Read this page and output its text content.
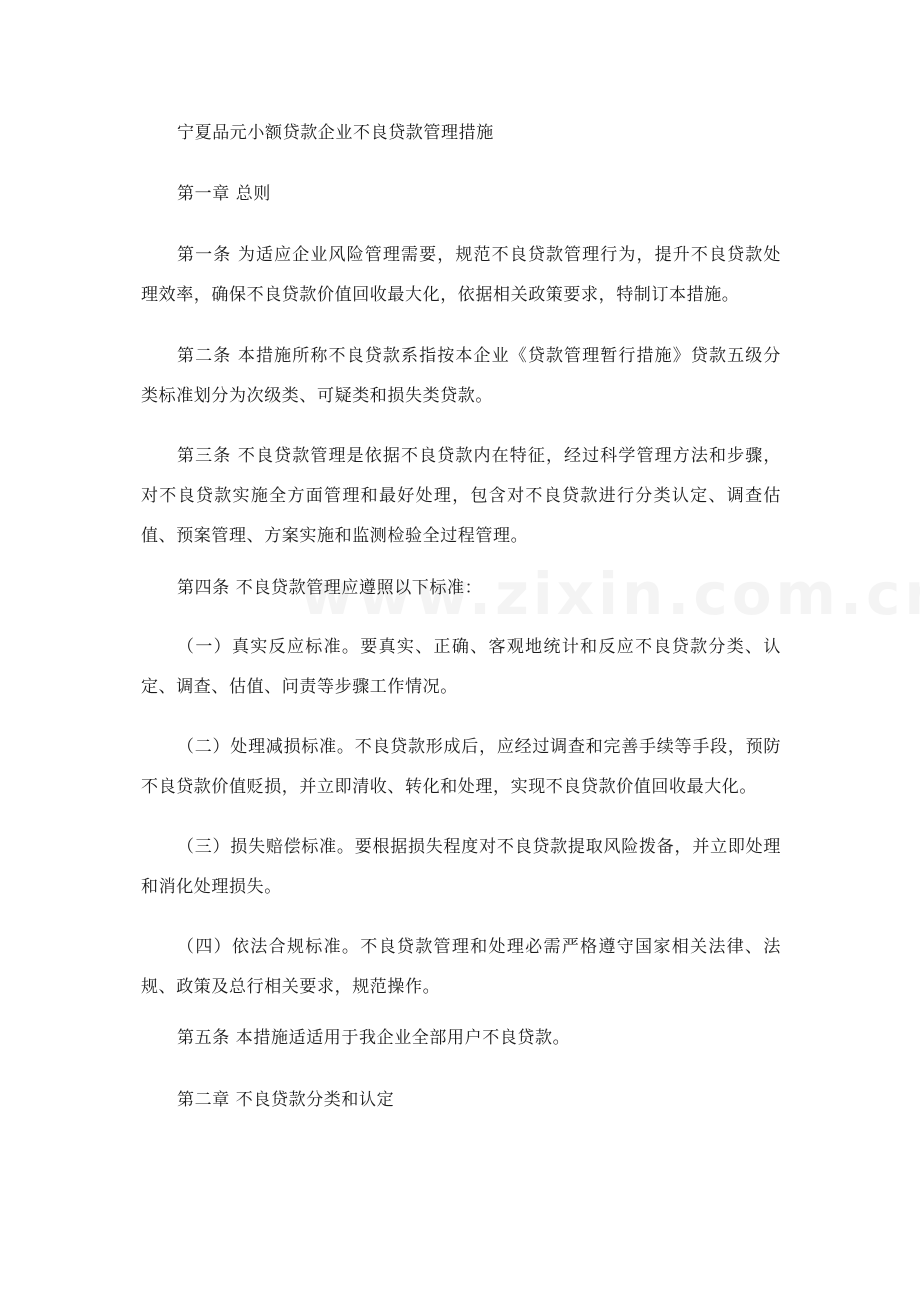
宁夏品元小额贷款企业不良贷款管理措施

第一章 总则

第一条 为适应企业风险管理需要，规范不良贷款管理行为，提升不良贷款处理效率，确保不良贷款价值回收最大化，依据相关政策要求，特制订本措施。

第二条 本措施所称不良贷款系指按本企业《贷款管理暂行措施》贷款五级分类标准划分为次级类、可疑类和损失类贷款。

第三条 不良贷款管理是依据不良贷款内在特征，经过科学管理方法和步骤，对不良贷款实施全方面管理和最好处理，包含对不良贷款进行分类认定、调查估值、预案管理、方案实施和监测检验全过程管理。

第四条 不良贷款管理应遵照以下标准：

（一）真实反应标准。要真实、正确、客观地统计和反应不良贷款分类、认定、调查、估值、问责等步骤工作情况。

（二）处理减损标准。不良贷款形成后，应经过调查和完善手续等手段，预防不良贷款价值贬损，并立即清收、转化和处理，实现不良贷款价值回收最大化。

（三）损失赔偿标准。要根据损失程度对不良贷款提取风险拨备，并立即处理和消化处理损失。

（四）依法合规标准。不良贷款管理和处理必需严格遵守国家相关法律、法规、政策及总行相关要求，规范操作。

第五条 本措施适适用于我企业全部用户不良贷款。

第二章 不良贷款分类和认定
